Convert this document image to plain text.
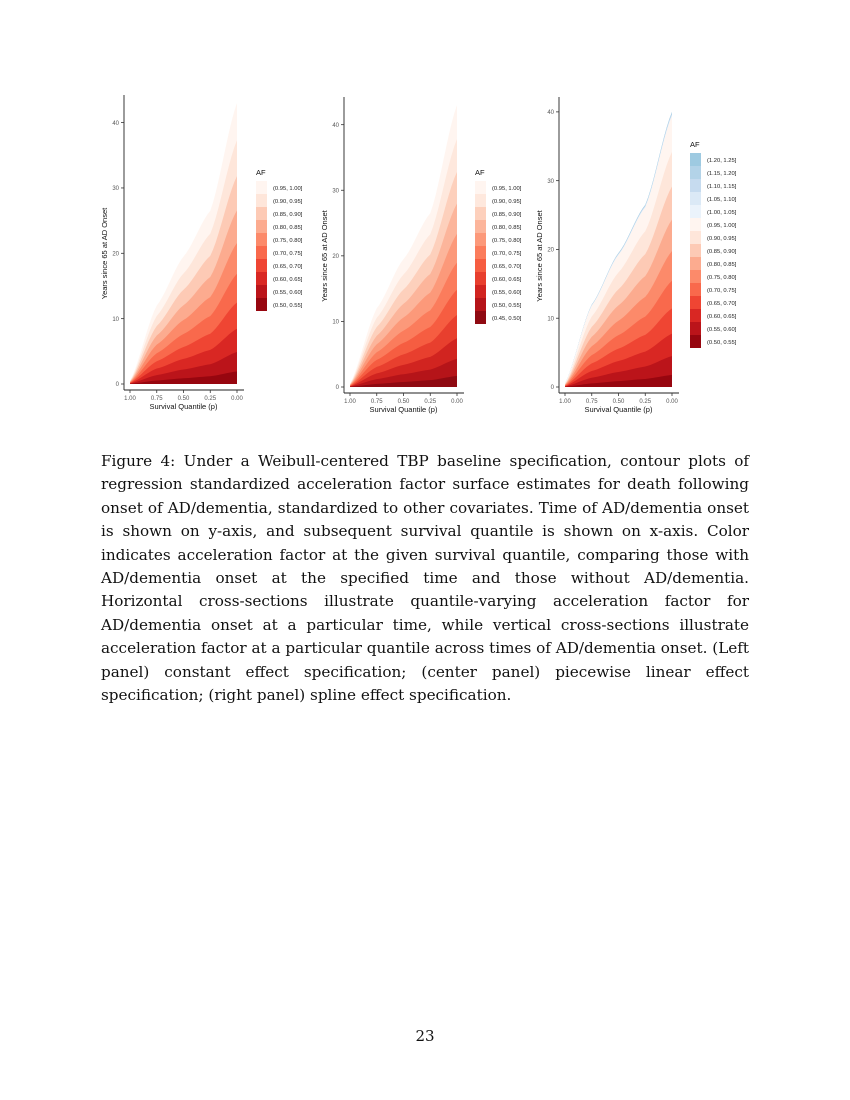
0
10
20
30
40
1.00	0.75	0.50	0.25	0.00
Survival Quantile (p)
Years since 65 at AD Onset
AF
(0.95, 1.00]
(0.90, 0.95]
(0.85, 0.90]
(0.80, 0.85]
(0.75, 0.80]
(0.70, 0.75]
(0.65, 0.70]
(0.60, 0.65]
(0.55, 0.60]
(0.50, 0.55]
0
10
20
30
40
1.00	0.75	0.50	0.25	0.00
Survival Quantile (p)
Years since 65 at AD Onset
AF
(0.95, 1.00]
(0.90, 0.95]
(0.85, 0.90]
(0.80, 0.85]
(0.75, 0.80]
(0.70, 0.75]
(0.65, 0.70]
(0.60, 0.65]
(0.55, 0.60]
(0.50, 0.55]
(0.45, 0.50]
0
10
20
30
40
1.00	0.75	0.50	0.25	0.00
Survival Quantile (p)
Years since 65 at AD Onset
AF
(1.20, 1.25]
(1.15, 1.20]
(1.10, 1.15]
(1.05, 1.10]
(1.00, 1.05]
(0.95, 1.00]
(0.90, 0.95]
(0.85, 0.90]
(0.80, 0.85]
(0.75, 0.80]
(0.70, 0.75]
(0.65, 0.70]
(0.60, 0.65]
(0.55, 0.60]
(0.50, 0.55]

Figure 4: Under a Weibull-centered TBP baseline specification, contour plots of regression standardized acceleration factor surface estimates for death following onset of AD/dementia, standardized to other covariates. Time of AD/dementia onset is shown on y-axis, and subsequent survival quantile is shown on x-axis. Color indicates acceleration factor at the given survival quantile, comparing those with AD/dementia onset at the specified time and those without AD/dementia. Horizontal cross-sections illustrate quantile-varying acceleration factor for AD/dementia onset at a particular time, while vertical cross-sections illustrate acceleration factor at a particular quantile across times of AD/dementia onset. (Left panel) constant effect specification; (center panel) piecewise linear effect specification; (right panel) spline effect specification.

23
